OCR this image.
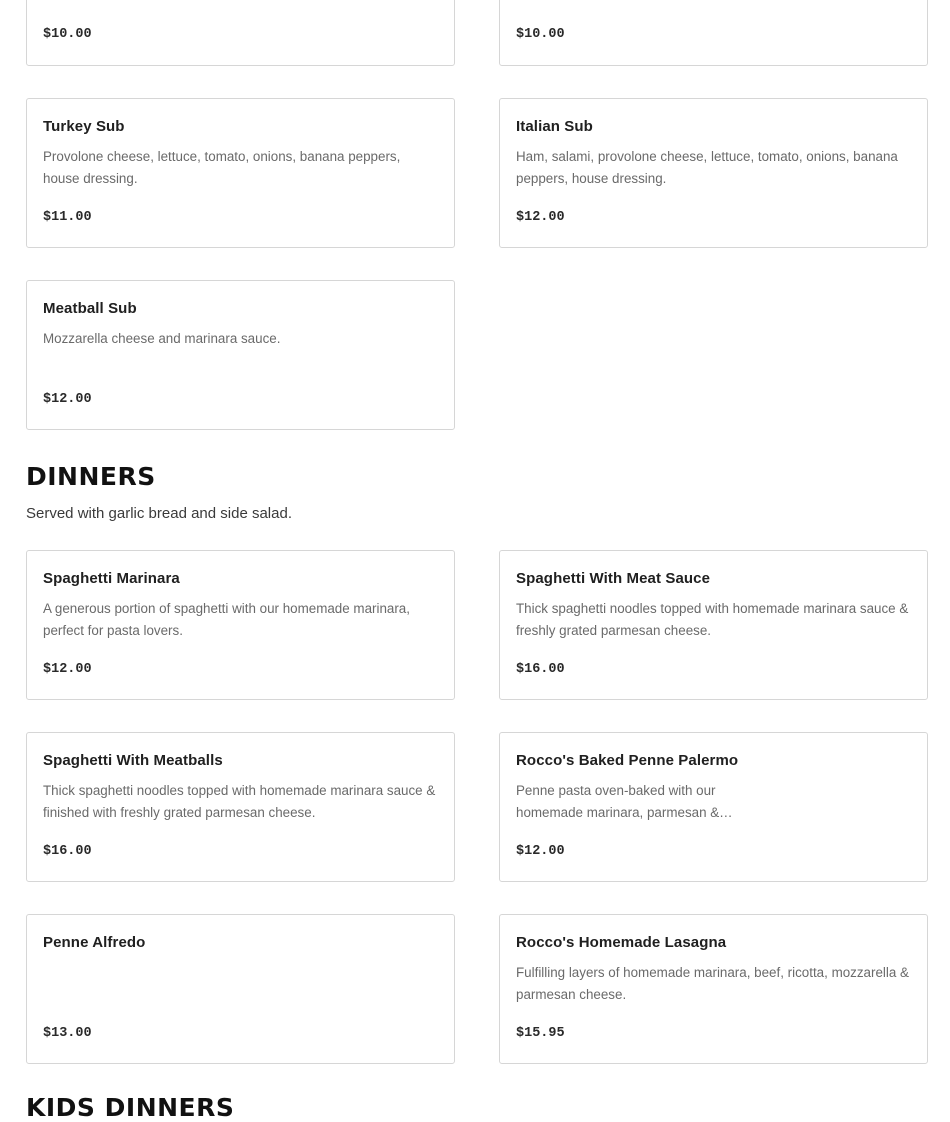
$10.00	$10.00
Turkey Sub
Provolone cheese, lettuce, tomato, onions, banana peppers, house dressing.
$11.00
Italian Sub
Ham, salami, provolone cheese, lettuce, tomato, onions, banana peppers, house dressing.
$12.00
Meatball Sub
Mozzarella cheese and marinara sauce.
$12.00
DINNERS
Served with garlic bread and side salad.
Spaghetti Marinara
A generous portion of spaghetti with our homemade marinara, perfect for pasta lovers.
$12.00
Spaghetti With Meat Sauce
Thick spaghetti noodles topped with homemade marinara sauce & freshly grated parmesan cheese.
$16.00
Spaghetti With Meatballs
Thick spaghetti noodles topped with homemade marinara sauce & finished with freshly grated parmesan cheese.
$16.00
Rocco's Baked Penne Palermo
Penne pasta oven-baked with our homemade marinara, parmesan &…
$12.00
Penne Alfredo
$13.00
Rocco's Homemade Lasagna
Fulfilling layers of homemade marinara, beef, ricotta, mozzarella & parmesan cheese.
$15.95
KIDS DINNERS
